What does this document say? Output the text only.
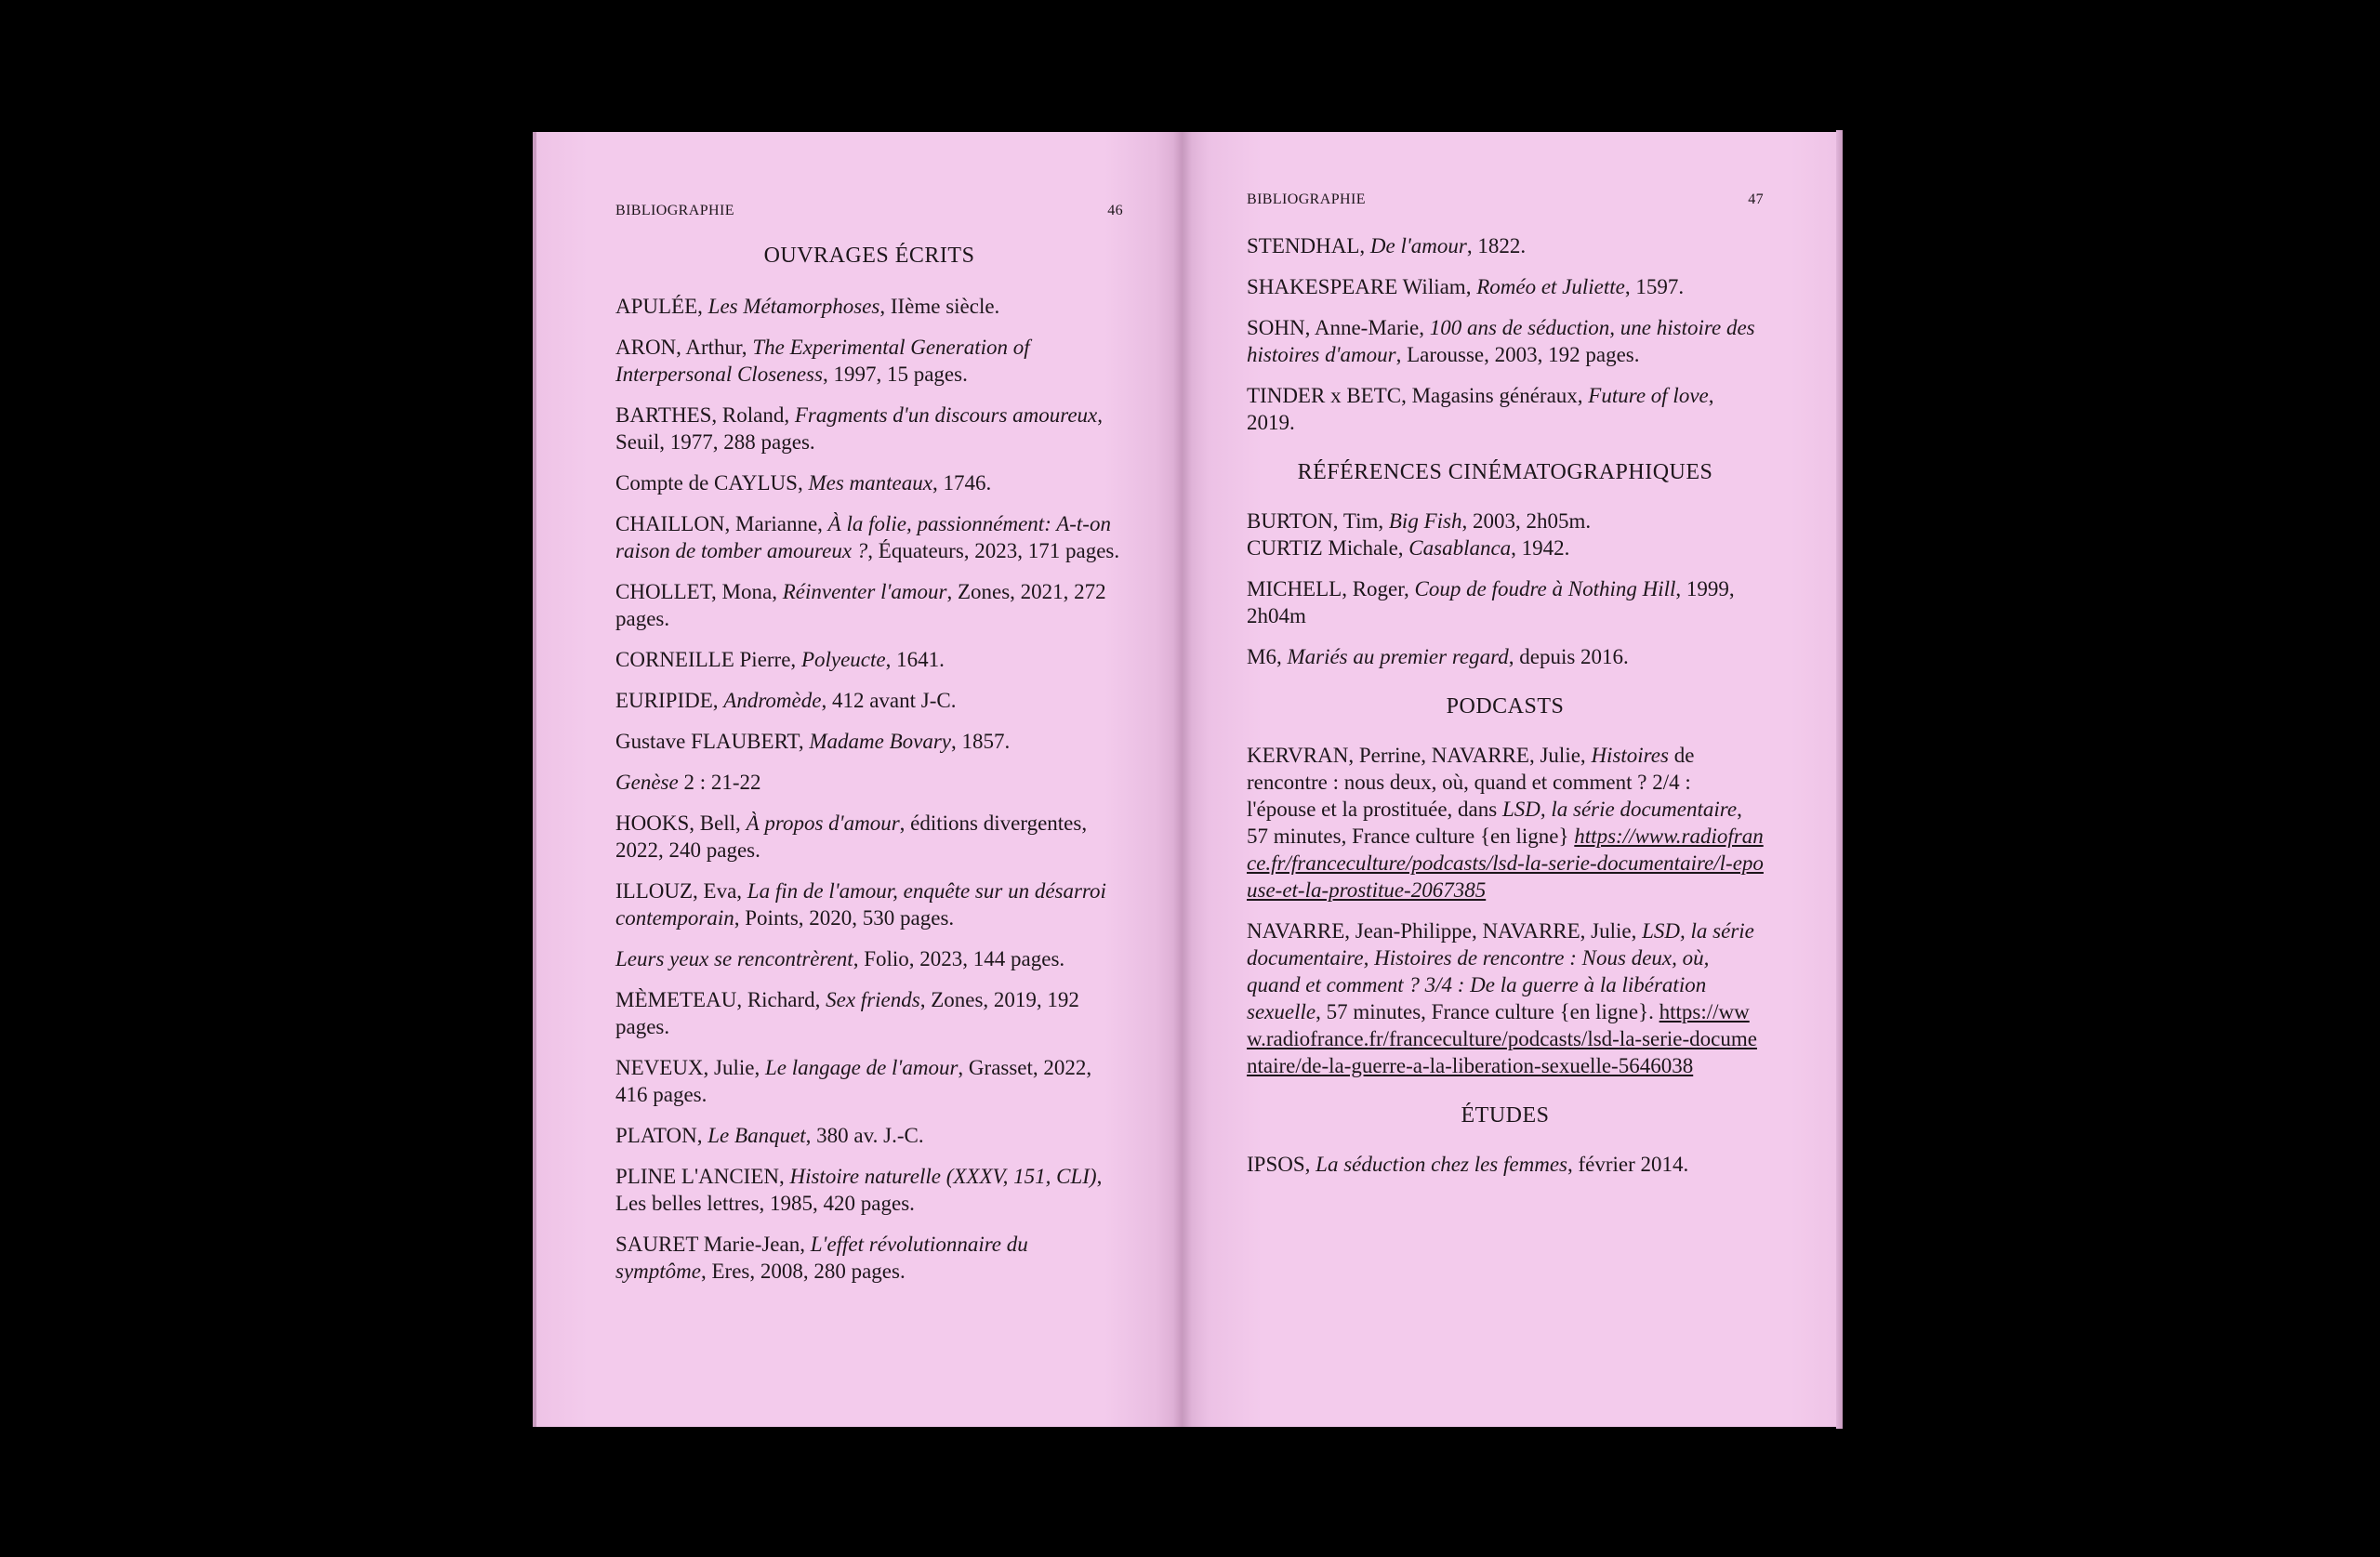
BIBLIOGRAPHIE	46
OUVRAGES ÉCRITS
APULÉE, Les Métamorphoses, IIème siècle.
ARON, Arthur, The Experimental Generation of Interpersonal Closeness, 1997, 15 pages.
BARTHES, Roland, Fragments d'un discours amoureux, Seuil, 1977, 288 pages.
Compte de CAYLUS, Mes manteaux, 1746.
CHAILLON, Marianne, À la folie, passionnément: A-t-on raison de tomber amoureux ?, Équateurs, 2023, 171 pages.
CHOLLET, Mona, Réinventer l'amour, Zones, 2021, 272 pages.
CORNEILLE Pierre, Polyeucte, 1641.
EURIPIDE, Andromède, 412 avant J-C.
Gustave FLAUBERT, Madame Bovary, 1857.
Genèse 2 : 21-22
HOOKS, Bell, À propos d'amour, éditions divergentes, 2022, 240 pages.
ILLOUZ, Eva, La fin de l'amour, enquête sur un désarroi contemporain, Points, 2020, 530 pages.
Leurs yeux se rencontrèrent, Folio, 2023, 144 pages.
MÈMETEAU, Richard, Sex friends, Zones, 2019, 192 pages.
NEVEUX, Julie, Le langage de l'amour, Grasset, 2022, 416 pages.
PLATON, Le Banquet, 380 av. J.-C.
PLINE L'ANCIEN, Histoire naturelle (XXXV, 151, CLI), Les belles lettres, 1985, 420 pages.
SAURET Marie-Jean, L'effet révolutionnaire du symptôme, Eres, 2008, 280 pages.
BIBLIOGRAPHIE	47
STENDHAL, De l'amour, 1822.
SHAKESPEARE Wiliam, Roméo et Juliette, 1597.
SOHN, Anne-Marie, 100 ans de séduction, une histoire des histoires d'amour, Larousse, 2003, 192 pages.
TINDER x BETC, Magasins généraux, Future of love, 2019.
RÉFÉRENCES CINÉMATOGRAPHIQUES
BURTON, Tim, Big Fish, 2003, 2h05m.
CURTIZ Michale, Casablanca, 1942.
MICHELL, Roger, Coup de foudre à Nothing Hill, 1999, 2h04m
M6, Mariés au premier regard, depuis 2016.
PODCASTS
KERVRAN, Perrine, NAVARRE, Julie, Histoires de rencontre : nous deux, où, quand et comment ? 2/4 : l'épouse et la prostituée, dans LSD, la série documentaire, 57 minutes, France culture {en ligne} https://www.radiofrance.fr/franceculture/podcasts/lsd-la-serie-documentaire/l-epouse-et-la-prostitue-2067385
NAVARRE, Jean-Philippe, NAVARRE, Julie, LSD, la série documentaire, Histoires de rencontre : Nous deux, où, quand et comment ? 3/4 : De la guerre à la libération sexuelle, 57 minutes, France culture {en ligne}. https://www.radiofrance.fr/franceculture/podcasts/lsd-la-serie-documentaire/de-la-guerre-a-la-liberation-sexuelle-5646038
ÉTUDES
IPSOS, La séduction chez les femmes, février 2014.
